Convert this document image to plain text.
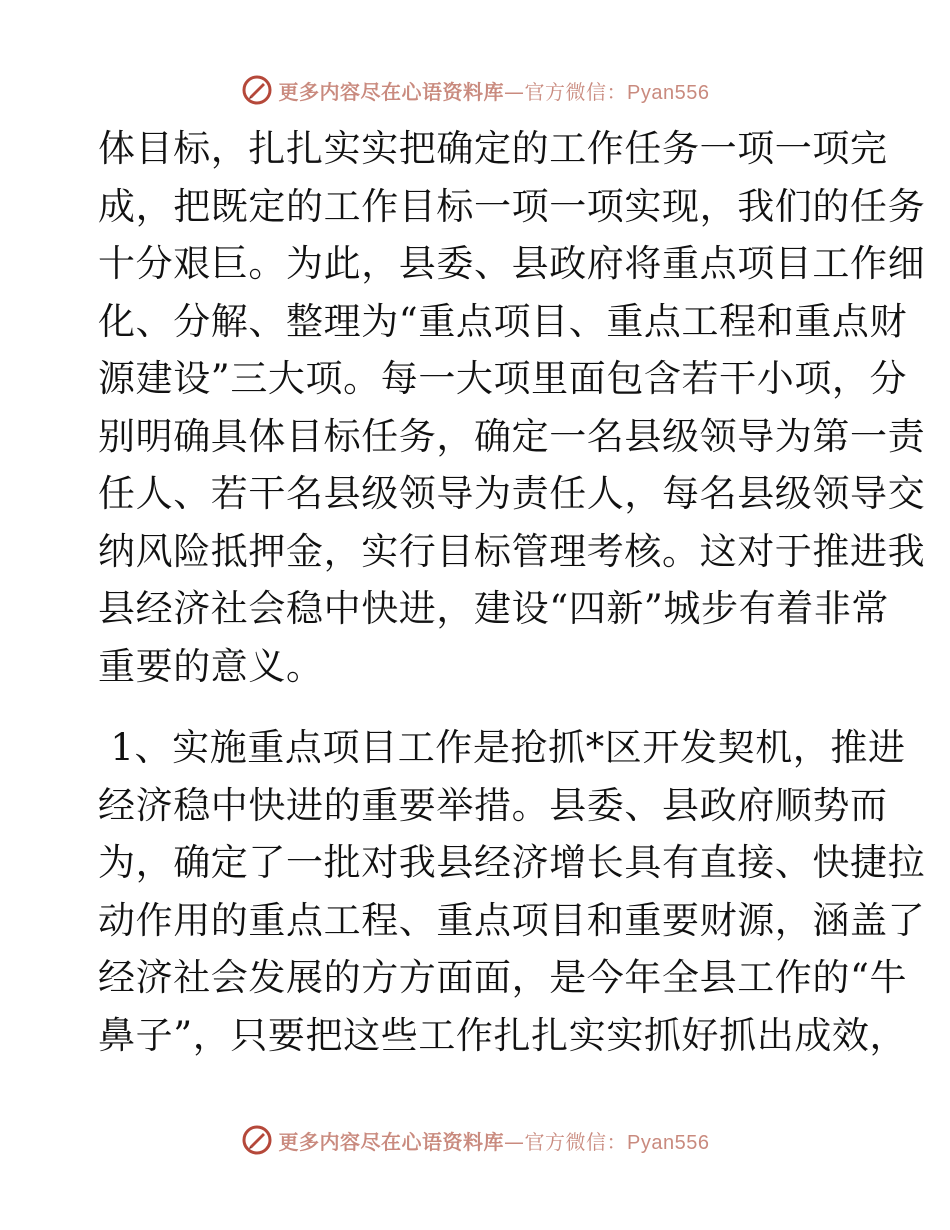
更多内容尽在心语资料库—官方微信：Pyan556
体目标，扎扎实实把确定的工作任务一项一项完
成，把既定的工作目标一项一项实现，我们的任务
十分艰巨。为此，县委、县政府将重点项目工作细
化、分解、整理为“重点项目、重点工程和重点财
源建设”三大项。每一大项里面包含若干小项，分
别明确具体目标任务，确定一名县级领导为第一责
任人、若干名县级领导为责任人，每名县级领导交
纳风险抵押金，实行目标管理考核。这对于推进我
县经济社会稳中快进，建设“四新”城步有着非常
重要的意义。
1、实施重点项目工作是抢抓*区开发契机，推进
经济稳中快进的重要举措。县委、县政府顺势而
为，确定了一批对我县经济增长具有直接、快捷拉
动作用的重点工程、重点项目和重要财源，涵盖了
经济社会发展的方方面面，是今年全县工作的“牛
鼻子”，只要把这些工作扎扎实实抓好抓出成效，
更多内容尽在心语资料库—官方微信：Pyan556
